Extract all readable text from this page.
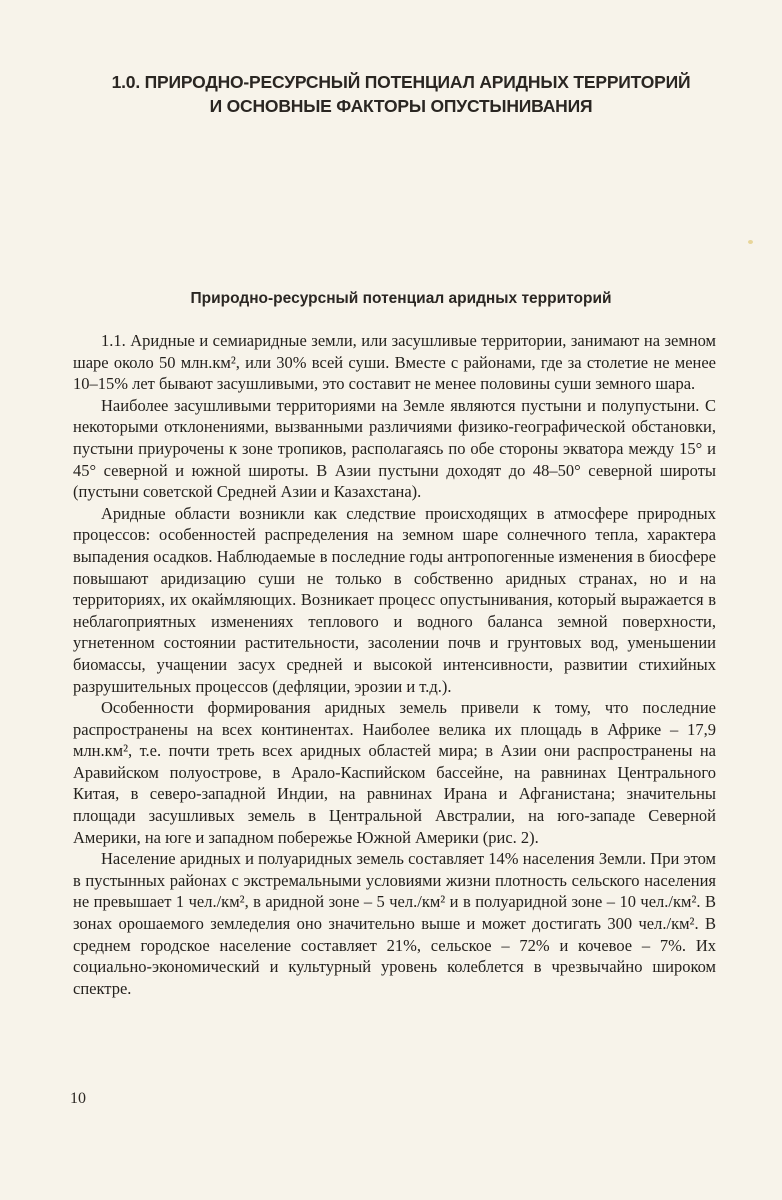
1.0. ПРИРОДНО-РЕСУРСНЫЙ ПОТЕНЦИАЛ АРИДНЫХ ТЕРРИТОРИЙ
И ОСНОВНЫЕ ФАКТОРЫ ОПУСТЫНИВАНИЯ
Природно-ресурсный потенциал аридных территорий

1.1. Аридные и семиаридные земли, или засушливые территории, занимают на земном шаре около 50 млн.км², или 30% всей суши. Вместе с районами, где за столетие не менее 10–15% лет бывают засушливыми, это составит не менее половины суши земного шара.

Наиболее засушливыми территориями на Земле являются пустыни и полупустыни. С некоторыми отклонениями, вызванными различиями физико-географической обстановки, пустыни приурочены к зоне тропиков, располагаясь по обе стороны экватора между 15° и 45° северной и южной широты. В Азии пустыни доходят до 48–50° северной широты (пустыни советской Средней Азии и Казахстана).

Аридные области возникли как следствие происходящих в атмосфере природных процессов: особенностей распределения на земном шаре солнечного тепла, характера выпадения осадков. Наблюдаемые в последние годы антропогенные изменения в биосфере повышают аридизацию суши не только в собственно аридных странах, но и на территориях, их окаймляющих. Возникает процесс опустынивания, который выражается в неблагоприятных изменениях теплового и водного баланса земной поверхности, угнетенном состоянии растительности, засолении почв и грунтовых вод, уменьшении биомассы, учащении засух средней и высокой интенсивности, развитии стихийных разрушительных процессов (дефляции, эрозии и т.д.).

Особенности формирования аридных земель привели к тому, что последние распространены на всех континентах. Наиболее велика их площадь в Африке – 17,9 млн.км², т.е. почти треть всех аридных областей мира; в Азии они распространены на Аравийском полуострове, в Арало-Каспийском бассейне, на равнинах Центрального Китая, в северо-западной Индии, на равнинах Ирана и Афганистана; значительны площади засушливых земель в Центральной Австралии, на юго-западе Северной Америки, на юге и западном побережье Южной Америки (рис. 2).

Население аридных и полуаридных земель составляет 14% населения Земли. При этом в пустынных районах с экстремальными условиями жизни плотность сельского населения не превышает 1 чел./км², в аридной зоне – 5 чел./км² и в полуаридной зоне – 10 чел./км². В зонах орошаемого земледелия оно значительно выше и может достигать 300 чел./км². В среднем городское население составляет 21%, сельское – 72% и кочевое – 7%. Их социально-экономический и культурный уровень колеблется в чрезвычайно широком спектре.

10
